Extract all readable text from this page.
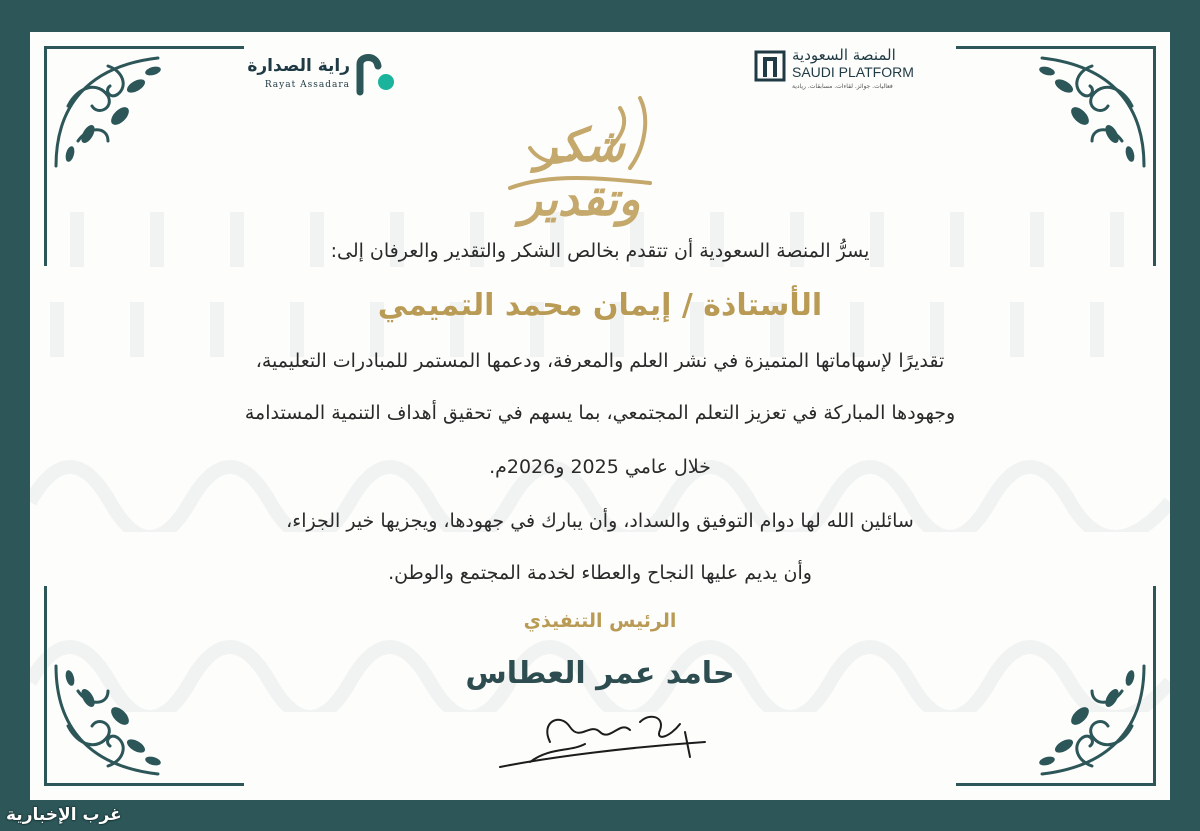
راية الصدارة
Rayat Assadara
المنصة السعودية
SAUDI PLATFORM
فعاليات. جوائز. لقاءات. مسابقات. ريادية
شكر وتقدير
يسرُّ المنصة السعودية أن تتقدم بخالص الشكر والتقدير والعرفان إلى:
الأستاذة / إيمان محمد التميمي
تقديرًا لإسهاماتها المتميزة في نشر العلم والمعرفة، ودعمها المستمر للمبادرات التعليمية،
وجهودها المباركة في تعزيز التعلم المجتمعي، بما يسهم في تحقيق أهداف التنمية المستدامة
خلال عامي 2025 و2026م.
سائلين الله لها دوام التوفيق والسداد، وأن يبارك في جهودها، ويجزيها خير الجزاء،
وأن يديم عليها النجاح والعطاء لخدمة المجتمع والوطن.
الرئيس التنفيذي
حامد عمر العطاس
غرب الإخبارية
